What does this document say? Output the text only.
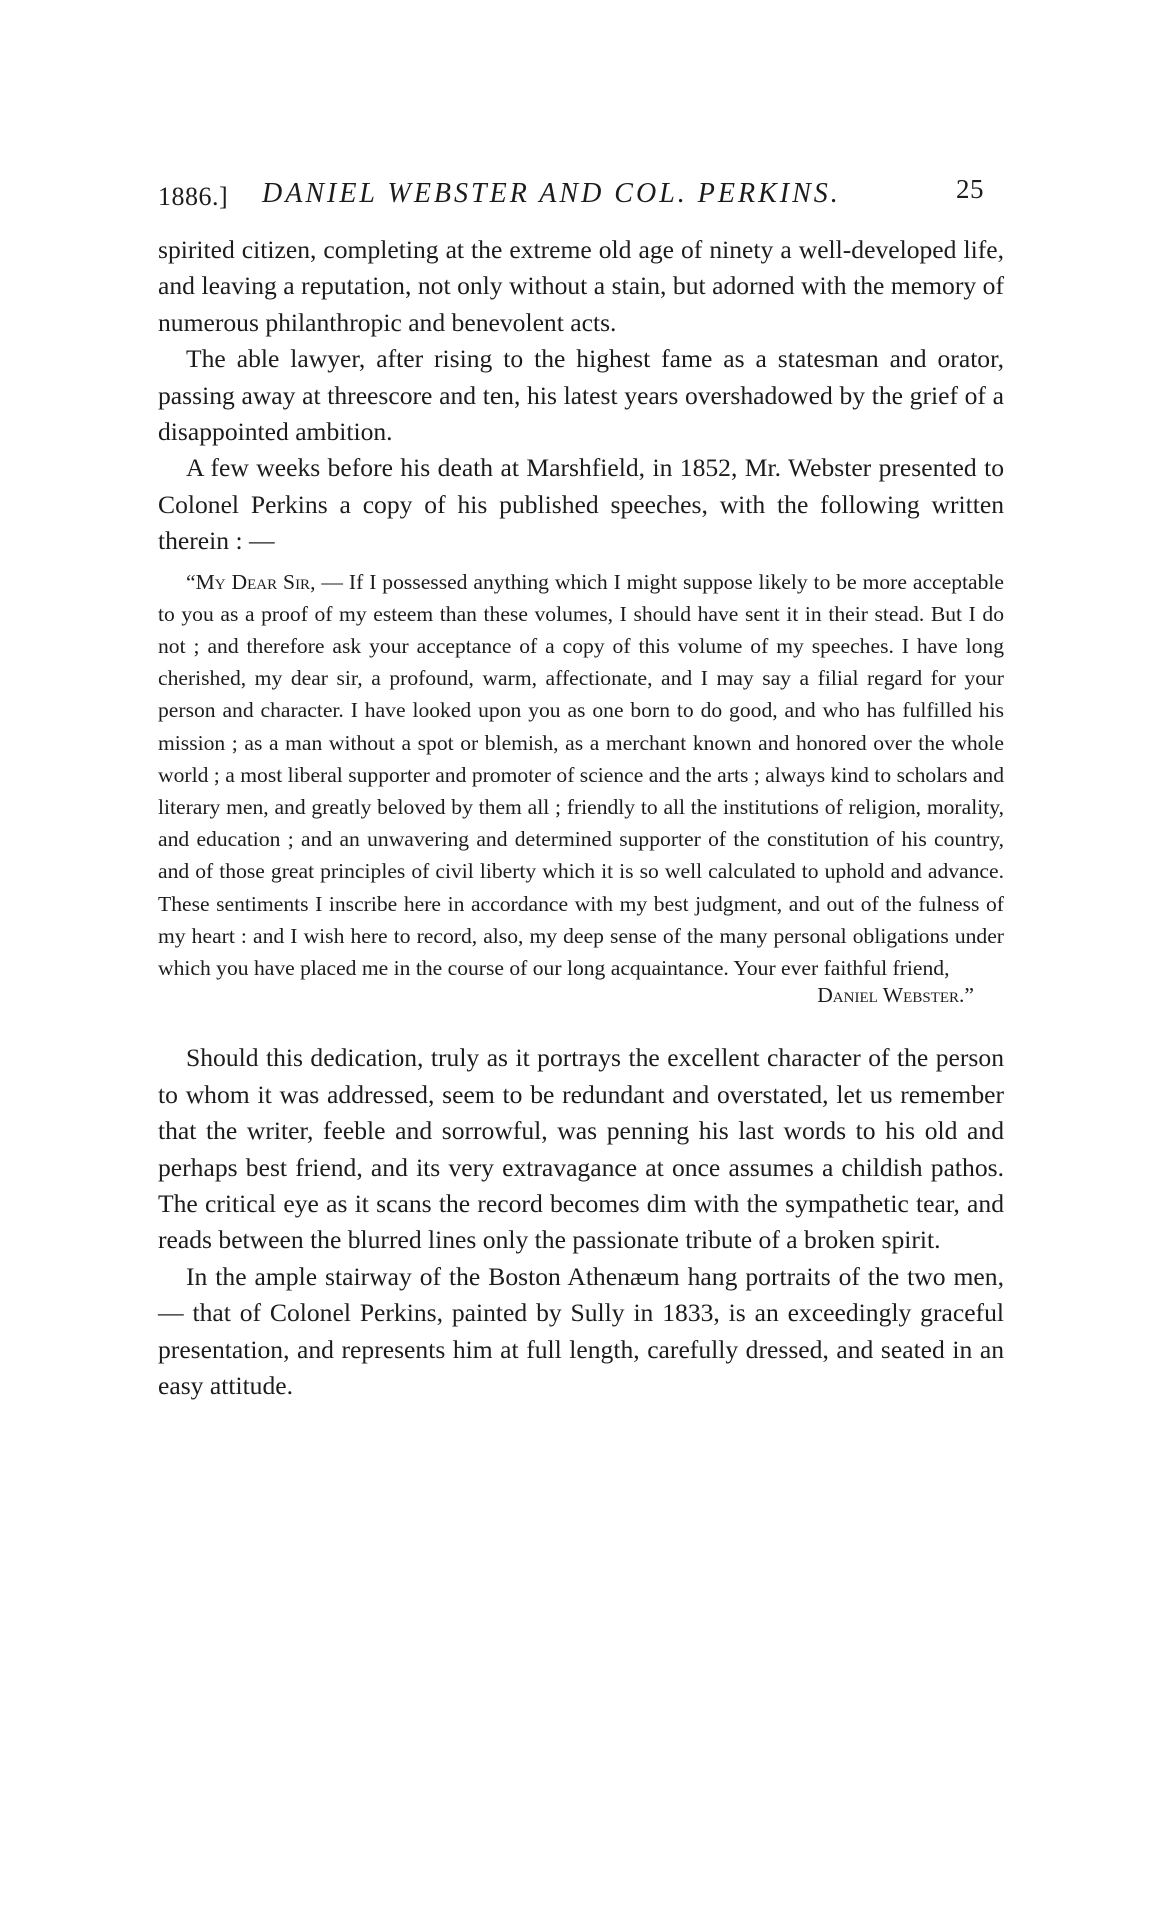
1886.] DANIEL WEBSTER AND COL. PERKINS.	25

spirited citizen, completing at the extreme old age of ninety a well-developed life, and leaving a reputation, not only without a stain, but adorned with the memory of numerous philanthropic and benevolent acts.

The able lawyer, after rising to the highest fame as a statesman and orator, passing away at threescore and ten, his latest years overshadowed by the grief of a disappointed ambition.

A few weeks before his death at Marshfield, in 1852, Mr. Webster presented to Colonel Perkins a copy of his published speeches, with the following written therein : —

“My Dear Sir, — If I possessed anything which I might suppose likely to be more acceptable to you as a proof of my esteem than these volumes, I should have sent it in their stead. But I do not ; and therefore ask your acceptance of a copy of this volume of my speeches. I have long cherished, my dear sir, a profound, warm, affectionate, and I may say a filial regard for your person and character. I have looked upon you as one born to do good, and who has fulfilled his mission ; as a man without a spot or blemish, as a merchant known and honored over the whole world ; a most liberal supporter and promoter of science and the arts ; always kind to scholars and literary men, and greatly beloved by them all ; friendly to all the institutions of religion, morality, and education ; and an unwavering and determined supporter of the constitution of his country, and of those great principles of civil liberty which it is so well calculated to uphold and advance. These sentiments I inscribe here in accordance with my best judgment, and out of the fulness of my heart : and I wish here to record, also, my deep sense of the many personal obligations under which you have placed me in the course of our long acquaintance. Your ever faithful friend,

Daniel Webster.”

Should this dedication, truly as it portrays the excellent character of the person to whom it was addressed, seem to be redundant and overstated, let us remember that the writer, feeble and sorrowful, was penning his last words to his old and perhaps best friend, and its very extravagance at once assumes a childish pathos. The critical eye as it scans the record becomes dim with the sympathetic tear, and reads between the blurred lines only the passionate tribute of a broken spirit.

In the ample stairway of the Boston Athenæum hang portraits of the two men, — that of Colonel Perkins, painted by Sully in 1833, is an exceedingly graceful presentation, and represents him at full length, carefully dressed, and seated in an easy attitude.
